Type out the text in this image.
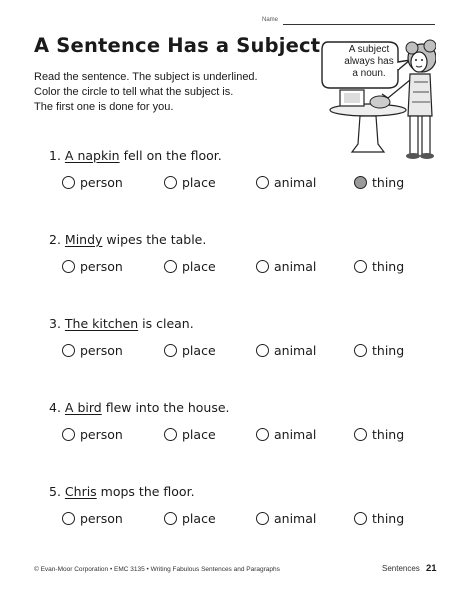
Name
A Sentence Has a Subject
Read the sentence. The subject is underlined.
Color the circle to tell what the subject is.
The first one is done for you.
A subject
always has
a noun.
1. A napkin fell on the floor.
person	place	animal	thing
2. Mindy wipes the table.
person	place	animal	thing
3. The kitchen is clean.
person	place	animal	thing
4. A bird flew into the house.
person	place	animal	thing
5. Chris mops the floor.
person	place	animal	thing
© Evan-Moor Corporation • EMC 3135 • Writing Fabulous Sentences and Paragraphs	Sentences 21
